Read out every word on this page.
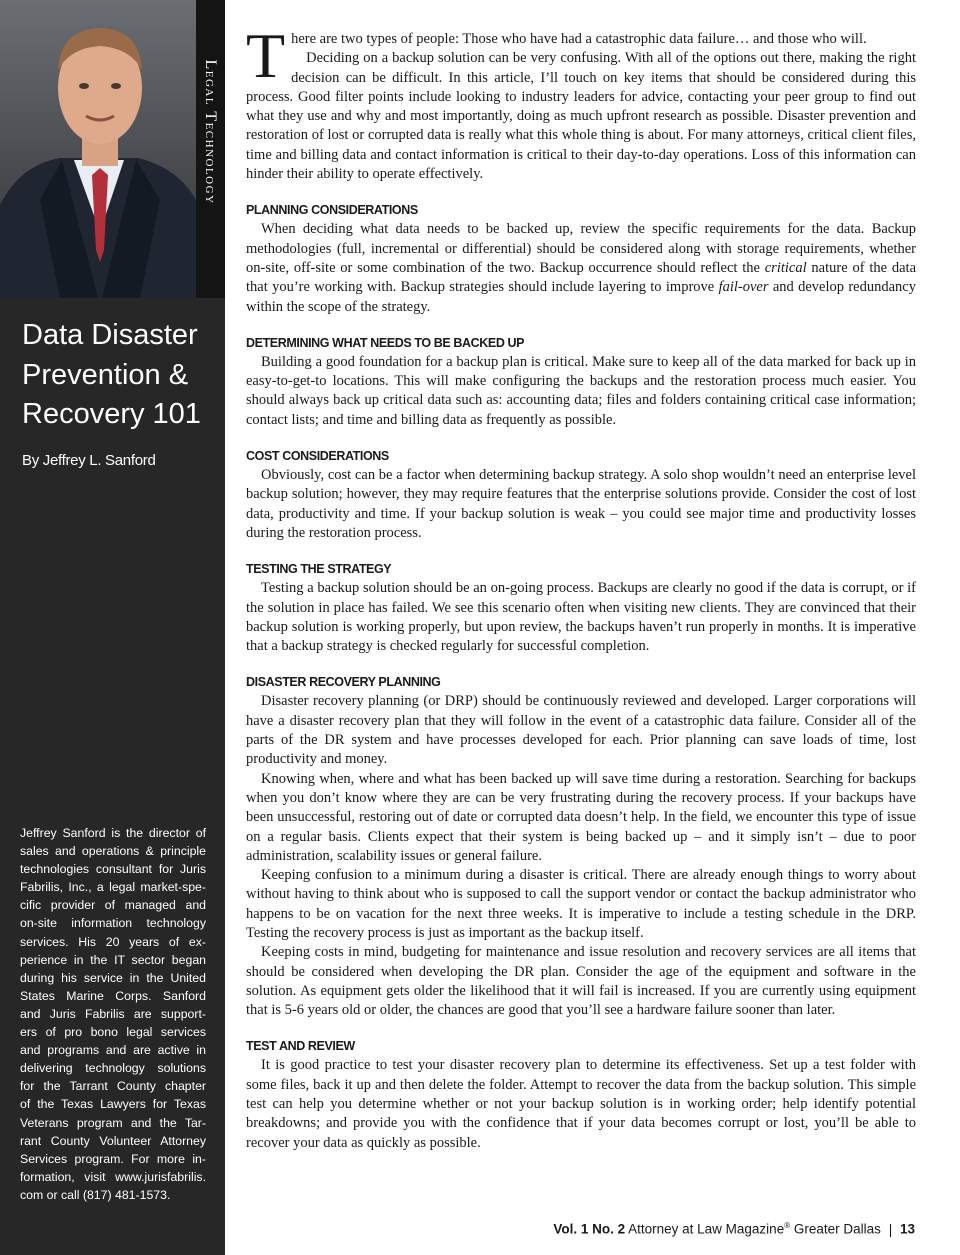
Legal Technology
Data Disaster
Prevention &
Recovery 101
By Jeffrey L. Sanford
Jeffrey Sanford is the director of
sales and operations & principle
technologies consultant for Juris
Fabrilis, Inc., a legal market-spe-
cific provider of managed and
on-site information technology
services. His 20 years of ex-
perience in the IT sector began
during his service in the United
States Marine Corps. Sanford
and Juris Fabrilis are support-
ers of pro bono legal services
and programs and are active in
delivering technology solutions
for the Tarrant County chapter
of the Texas Lawyers for Texas
Veterans program and the Tar-
rant County Volunteer Attorney
Services program. For more in-
formation, visit www.jurisfabrilis.
com or call (817) 481-1573.

There are two types of people: Those who have had a catastrophic data failure… and those who will.

Deciding on a backup solution can be very confusing. With all of the options out there, making the right decision can be difficult. In this article, I’ll touch on key items that should be considered during this process. Good filter points include looking to industry leaders for advice, contacting your peer group to find out what they use and why and most importantly, doing as much upfront research as possible. Disaster prevention and restoration of lost or corrupted data is really what this whole thing is about. For many attorneys, critical client files, time and billing data and contact information is critical to their day-to-day operations. Loss of this information can hinder their ability to operate effectively.

PLANNING CONSIDERATIONS

When deciding what data needs to be backed up, review the specific requirements for the data. Backup methodologies (full, incremental or differential) should be considered along with storage requirements, whether on-site, off-site or some combination of the two. Backup occurrence should reflect the critical nature of the data that you’re working with. Backup strategies should include layering to improve fail-over and develop redundancy within the scope of the strategy.

DETERMINING WHAT NEEDS TO BE BACKED UP

Building a good foundation for a backup plan is critical. Make sure to keep all of the data marked for back up in easy-to-get-to locations. This will make configuring the backups and the restoration process much easier. You should always back up critical data such as: accounting data; files and folders containing critical case information; contact lists; and time and billing data as frequently as possible.

COST CONSIDERATIONS

Obviously, cost can be a factor when determining backup strategy. A solo shop wouldn’t need an enterprise level backup solution; however, they may require features that the enterprise solutions provide. Consider the cost of lost data, productivity and time. If your backup solution is weak – you could see major time and productivity losses during the restoration process.

TESTING THE STRATEGY

Testing a backup solution should be an on-going process. Backups are clearly no good if the data is corrupt, or if the solution in place has failed. We see this scenario often when visiting new clients. They are convinced that their backup solution is working properly, but upon review, the backups haven’t run properly in months. It is imperative that a backup strategy is checked regularly for successful completion.

DISASTER RECOVERY PLANNING

Disaster recovery planning (or DRP) should be continuously reviewed and developed. Larger corporations will have a disaster recovery plan that they will follow in the event of a catastrophic data failure. Consider all of the parts of the DR system and have processes developed for each. Prior planning can save loads of time, lost productivity and money.

Knowing when, where and what has been backed up will save time during a restoration. Searching for backups when you don’t know where they are can be very frustrating during the recovery process. If your backups have been unsuccessful, restoring out of date or corrupted data doesn’t help. In the field, we encounter this type of issue on a regular basis. Clients expect that their system is being backed up – and it simply isn’t – due to poor administration, scalability issues or general failure.

Keeping confusion to a minimum during a disaster is critical. There are already enough things to worry about without having to think about who is supposed to call the support vendor or contact the backup administrator who happens to be on vacation for the next three weeks. It is imperative to include a testing schedule in the DRP. Testing the recovery process is just as important as the backup itself.

Keeping costs in mind, budgeting for maintenance and issue resolution and recovery services are all items that should be considered when developing the DR plan. Consider the age of the equipment and software in the solution. As equipment gets older the likelihood that it will fail is increased. If you are currently using equipment that is 5-6 years old or older, the chances are good that you’ll see a hardware failure sooner than later.

TEST AND REVIEW

It is good practice to test your disaster recovery plan to determine its effectiveness. Set up a test folder with some files, back it up and then delete the folder. Attempt to recover the data from the backup solution. This simple test can help you determine whether or not your backup solution is in working order; help identify potential breakdowns; and provide you with the confidence that if your data becomes corrupt or lost, you’ll be able to recover your data as quickly as possible.

Vol. 1 No. 2 Attorney at Law Magazine® Greater Dallas | 13
